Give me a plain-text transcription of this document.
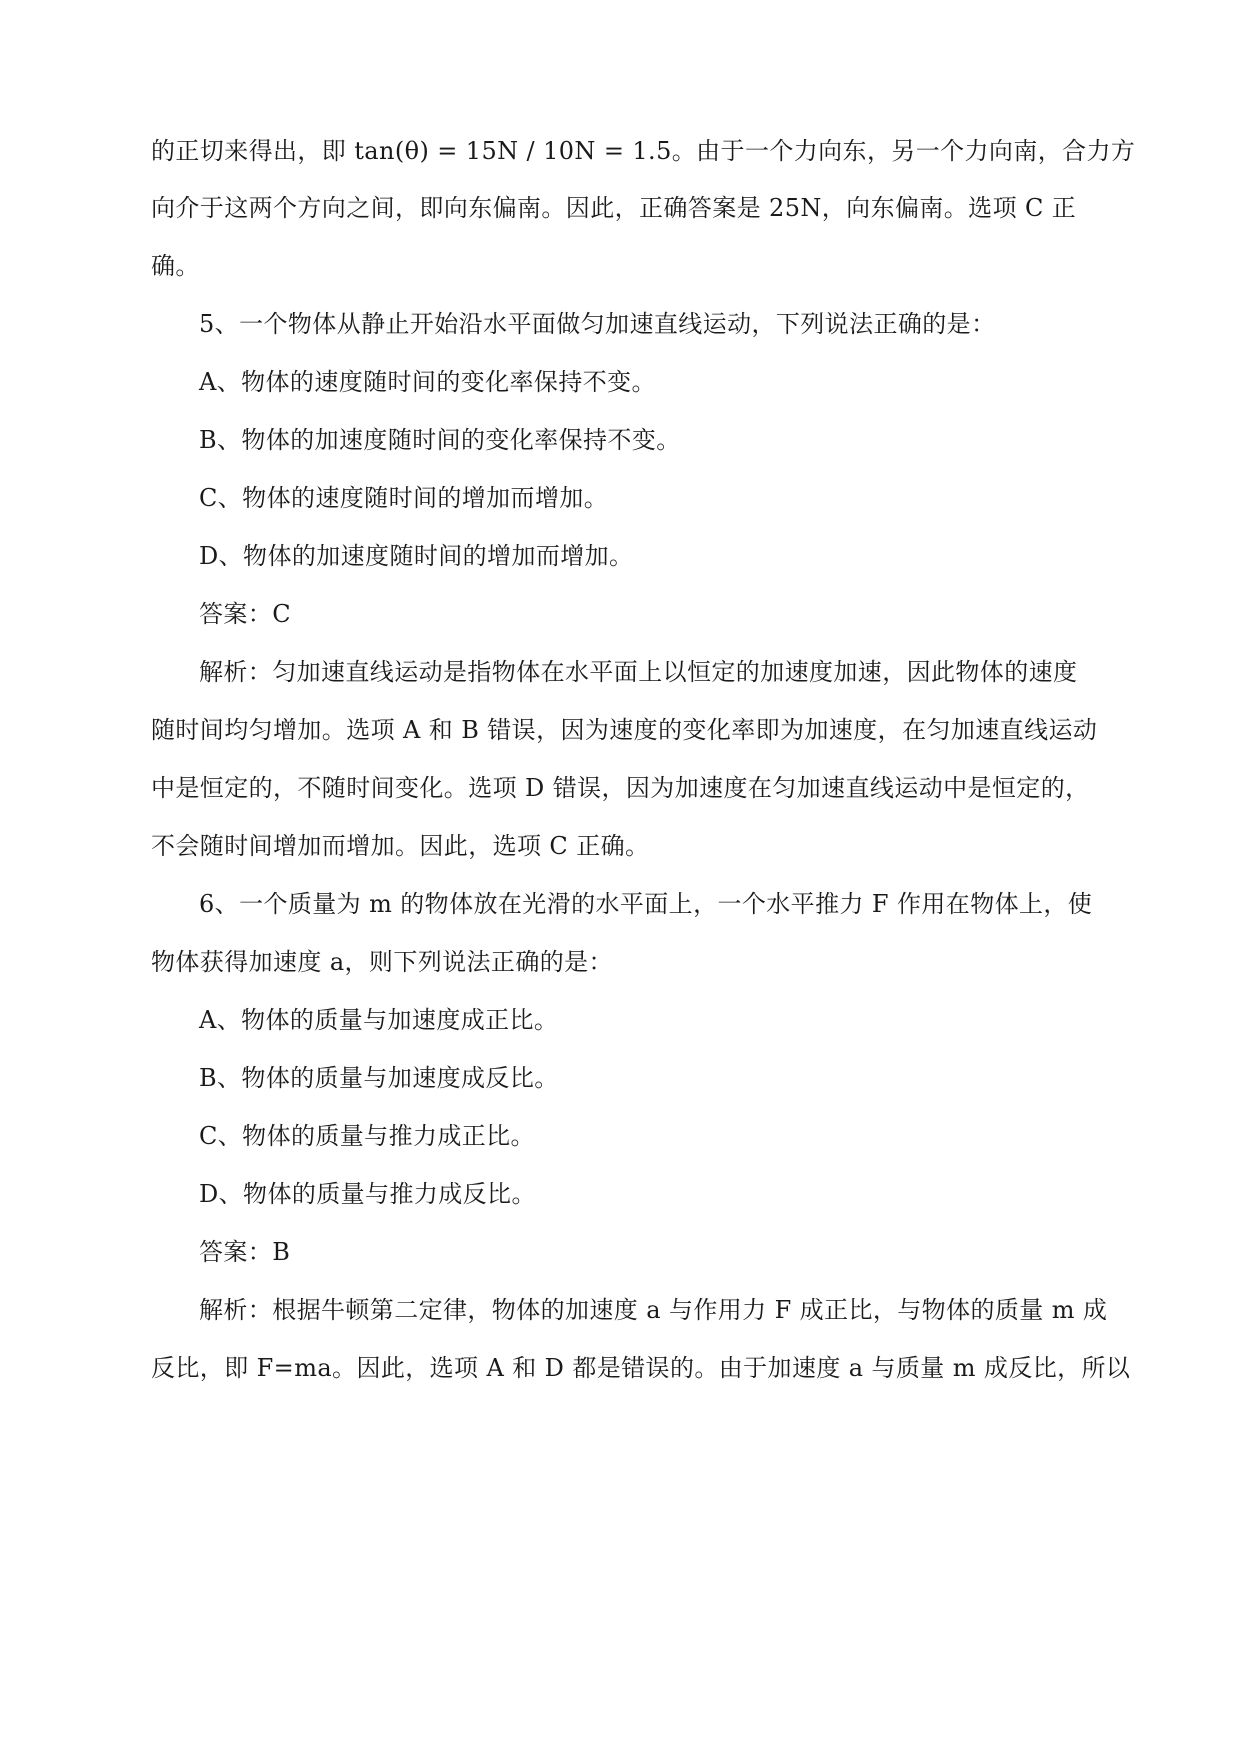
的正切来得出，即 tan(θ) = 15N / 10N = 1.5。由于一个力向东，另一个力向南，合力方
向介于这两个方向之间，即向东偏南。因此，正确答案是 25N，向东偏南。选项 C 正
确。
5、一个物体从静止开始沿水平面做匀加速直线运动，下列说法正确的是：
A、物体的速度随时间的变化率保持不变。
B、物体的加速度随时间的变化率保持不变。
C、物体的速度随时间的增加而增加。
D、物体的加速度随时间的增加而增加。
答案：C
解析：匀加速直线运动是指物体在水平面上以恒定的加速度加速，因此物体的速度
随时间均匀增加。选项 A 和 B 错误，因为速度的变化率即为加速度，在匀加速直线运动
中是恒定的，不随时间变化。选项 D 错误，因为加速度在匀加速直线运动中是恒定的，
不会随时间增加而增加。因此，选项 C 正确。
6、一个质量为 m 的物体放在光滑的水平面上，一个水平推力 F 作用在物体上，使
物体获得加速度 a，则下列说法正确的是：
A、物体的质量与加速度成正比。
B、物体的质量与加速度成反比。
C、物体的质量与推力成正比。
D、物体的质量与推力成反比。
答案：B
解析：根据牛顿第二定律，物体的加速度 a 与作用力 F 成正比，与物体的质量 m 成
反比，即 F=ma。因此，选项 A 和 D 都是错误的。由于加速度 a 与质量 m 成反比，所以
